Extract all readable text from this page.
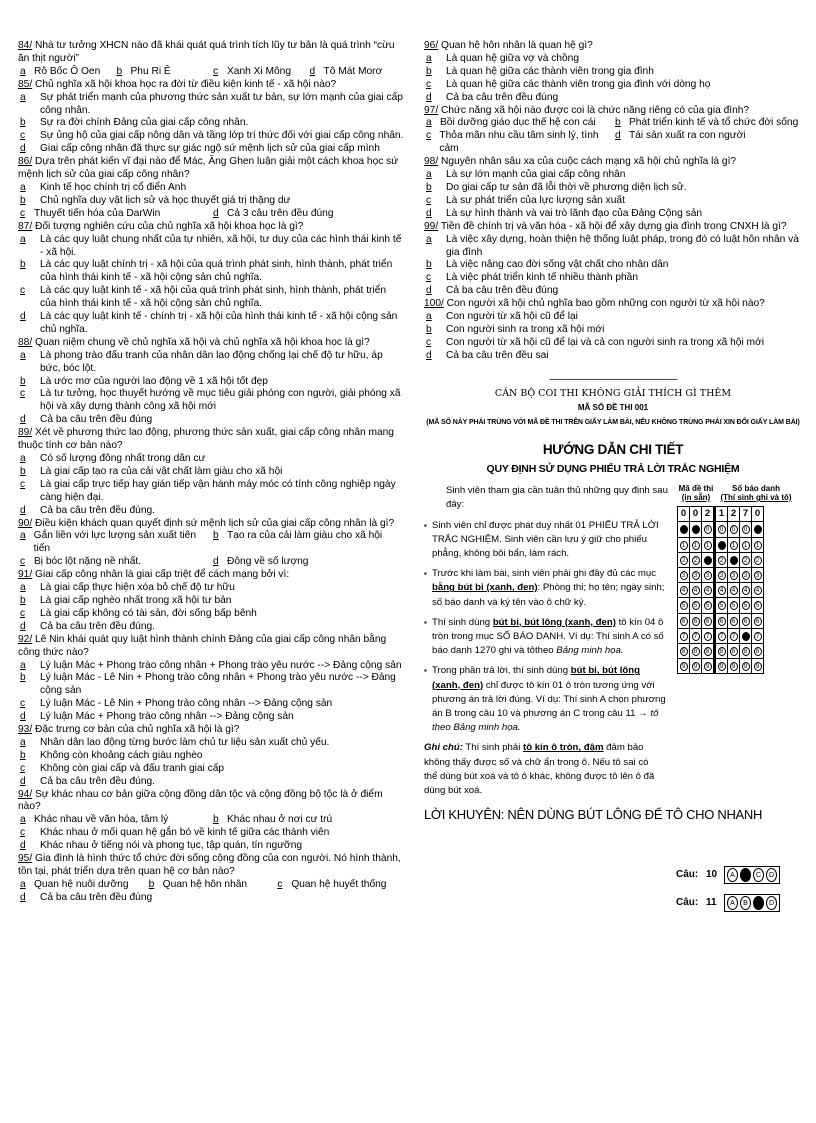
84/ Nhà tư tưởng XHCN nào đã khái quát quá trình tích lũy tư bản là quá trình “cừu ăn thịt người”
a Rô Bốc Ô Oen b Phu Ri Ê	c Xanh Xi Mông d Tô Mát Morơ
85/ Chủ nghĩa xã hội khoa học ra đời từ điều kiện kinh tế - xã hội nào?
a	Sự phát triển mạnh của phương thức sản xuất tư bản, sự lớn mạnh của giai cấp công nhân.
b	Sự ra đời chính Đảng của giai cấp công nhân.
c	Sự ủng hộ của giai cấp nông dân và tầng lớp trí thức đối với giai cấp công nhân.
d	Giai cấp công nhân đã thực sự giác ngộ sứ mệnh lịch sử của giai cấp mình
86/ Dựa trên phát kiến vĩ đại nào để Mác, Ăng Ghen luận giải một cách khoa học sứ mệnh lịch sử của giai cấp công nhân?
a	Kinh tế học chính trị cổ điển Anh
b	Chủ nghĩa duy vật lịch sử và học thuyết giá trị thặng dư
c Thuyết tiến hóa của DarWin	d Cả 3 câu trên đều đúng
87/ Đối tượng nghiên cứu của chủ nghĩa xã hội khoa học là gì?
a	Là các quy luật chung nhất của tự nhiên, xã hội, tư duy của các hình thái kinh tế - xã hội.
b	Là các quy luật chính trị - xã hội của quá trình phát sinh, hình thành, phát triển của hình thái kinh tế - xã hội cộng sản chủ nghĩa.
c	Là các quy luật kinh tế - xã hội của quá trình phát sinh, hình thành, phát triển của hình thái kinh tế - xã hội cộng sản chủ nghĩa.
d	Là các quy luật kinh tế - chính trị - xã hội của hình thái kinh tế - xã hội cộng sản chủ nghĩa.
88/ Quan niệm chung về chủ nghĩa xã hội và chủ nghĩa xã hội khoa học là gì?
a	Là phong trào đấu tranh của nhân dân lao động chống lại chế độ tư hữu, áp bức, bóc lột.
b	Là ước mơ của người lao động về 1 xã hội tốt đẹp
c	Là tư tưởng, học thuyết hướng về mục tiêu giải phóng con người, giải phóng xã hội và xây dựng thành công xã hội mới
d	Cả ba câu trên đều đúng
89/ Xét về phương thức lao động, phương thức sản xuất, giai cấp công nhân mang thuộc tính cơ bản nào?
a	Có số lượng đông nhất trong dân cư
b	Là giai cấp tạo ra của cải vật chất làm giàu cho xã hội
c	Là giai cấp trực tiếp hay gián tiếp vận hành máy móc có tính công nghiệp ngày càng hiện đại.
d	Cả ba câu trên đều đúng.
90/ Điều kiện khách quan quyết định sứ mệnh lịch sử của giai cấp công nhân là gì?
a Gắn liền với lực lượng sản xuất tiên tiến
b Tạo ra của cải làm giàu cho xã hội
c Bị bóc lột nặng nề nhất.	d Đông về số lượng
91/ Giai cấp công nhân là giai cấp triệt để cách mạng bởi vì:
a	Là giai cấp thực hiện xóa bỏ chế độ tư hữu
b	Là giai cấp nghèo nhất trong xã hội tư bản
c	Là giai cấp không có tài sản, đời sống bấp bênh
d	Cả ba câu trên đều đúng.
92/ Lê Nin khái quát quy luật hình thành chính Đảng của giai cấp công nhân bằng công thức nào?
a	Lý luận Mác + Phong trào công nhân + Phong trào yêu nước --> Đảng cộng sản
b	Lý luận Mác - Lê Nin + Phong trào công nhân + Phong trào yêu nước --> Đảng cộng sản
c	Lý luận Mác - Lê Nin + Phong trào công nhân --> Đảng cộng sản
d	Lý luận Mác + Phong trào công nhân --> Đảng cộng sản
93/ Đặc trưng cơ bản của chủ nghĩa xã hội là gì?
a	Nhân dân lao động từng bước làm chủ tư liệu sản xuất chủ yếu.
b	Không còn khoảng cách giàu nghèo
c	Không còn giai cấp và đấu tranh giai cấp
d	Cả ba câu trên đều đúng.
94/ Sự khác nhau cơ bản giữa cộng đồng dân tộc và cộng đồng bộ tộc là ở điểm nào?
a Khác nhau về văn hóa, tâm lý	b Khác nhau ở nơi cư trú
c	Khác nhau ở mối quan hệ gắn bó về kinh tế giữa các thành viên
d	Khác nhau ở tiếng nói và phong tục, tập quán, tín ngưỡng
95/ Gia đình là hình thức tổ chức đời sống cộng đồng của con người. Nó hình thành, tồn tại, phát triển dựa trên quan hệ cơ bản nào?
a Quan hệ nuôi dưỡng b Quan hệ hôn nhân	c Quan hệ huyết thống
d	Cả ba câu trên đều đúng
96/ Quan hệ hôn nhân là quan hệ gì?
a	Là quan hệ giữa vợ và chồng
b	Là quan hệ giữa các thành viên trong gia đình
c	Là quan hệ giữa các thành viên trong gia đình với dòng họ
d	Cả ba câu trên đều đúng
97/ Chức năng xã hội nào được coi là chức năng riêng có của gia đình?
a Bồi dưỡng giáo dục thế hệ con cái b Phát triển kinh tế và tổ chức đời sống
c Thỏa mãn nhu cầu tâm sinh lý, tình cảm
d Tái sản xuất ra con người
98/ Nguyên nhân sâu xa của cuộc cách mạng xã hội chủ nghĩa là gì?
a	Là sự lớn mạnh của giai cấp công nhân
b	Do giai cấp tư sản đã lỗi thời về phương diện lịch sử.
c	Là sự phát triển của lực lượng sản xuất
d	Là sự hình thành và vai trò lãnh đạo của Đảng Cộng sản
99/ Tiền đề chính trị và văn hóa - xã hội để xây dựng gia đình trong CNXH là gì?
a	Là việc xây dựng, hoàn thiện hệ thống luật pháp, trong đó có luật hôn nhân và gia đình
b	Là việc nâng cao đời sống vật chất cho nhân dân
c	Là việc phát triển kinh tế nhiều thành phần
d	Cả ba câu trên đều đúng
100/ Con người xã hội chủ nghĩa bao gồm những con người từ xã hội nào?
a	Con người từ xã hội cũ để lại
b	Con người sinh ra trong xã hội mới
c	Con người từ xã hội cũ để lại và cả con người sinh ra trong xã hội mới
d	Cả ba câu trên đều sai
----------------------------------------------------------------
CÁN BỘ COI THI KHÔNG GIẢI THÍCH GÌ THÊM
MÃ SỐ ĐỀ THI 001
(MÃ SỐ NÀY PHẢI TRÙNG VỚI MÃ ĐỀ THI TRÊN GIẤY LÀM BÀI, NẾU KHÔNG TRÙNG PHẢI XIN ĐỔI GIẤY LÀM BÀI)
HƯỚNG DẪN CHI TIẾT
QUY ĐỊNH SỬ DỤNG PHIẾU TRẢ LỜI TRẮC NGHIỆM
Sinh viên tham gia cần tuân thủ những quy định sau đây:
▪ Sinh viên chỉ được phát duy nhất 01 PHIẾU TRẢ LỜI TRẮC NGHIỆM. Sinh viên cần lưu ý giữ cho phiếu phẳng, không bôi bẩn, làm rách.
▪ Trước khi làm bài, sinh viên phải ghi đầy đủ các mục bằng bút bi (xanh, đen): Phòng thi; họ tên; ngày sinh; số báo danh và ký tên vào ô chữ ký.
▪ Thí sinh dùng bút bi, bút lông (xanh, đen) tô kín 04 ô tròn trong mục SỐ BÁO DANH. Ví dụ: Thí sinh A có số báo danh 1270 ghi và tôtheo Bảng minh họa.
▪ Trong phần trả lời, thí sinh dùng bút bi, bút lông (xanh, đen) chỉ được tô kín 01 ô tròn tương ứng với phương án trả lời đúng. Ví dụ: Thí sinh A chọn phương án B trong câu 10 và phương án C trong câu 11 → tô theo Bảng minh họa.
Ghi chú: Thí sinh phải tô kín ô tròn, đậm đảm bảo không thấy được số và chữ ẩn trong ô. Nếu tô sai có thể dùng bút xoá và tô ô khác, không được tô lên ô đã dùng bút xoá.
LỜI KHUYÊN: NÊN DÙNG BÚT LÔNG ĐỂ TÔ CHO NHANH
Mã đề thi
(in sẵn)
Số báo danh
(Thí sinh ghi và tô)
0	0	2	1	2	7	0
0	0	0	0	0	0	0
1	1	1	1	1	1	1
2	2	2	2	2	2	2
3	3	3	3	3	3	3
4	4	4	4	4	4	4
5	5	5	5	5	5	5
6	6	6	6	6	6	6
7	7	7	7	7	7	7
8	8	8	8	8	8	8
9	9	9	9	9	9	9
Câu: 10	A	C	D
Câu: 11	A	B	D
